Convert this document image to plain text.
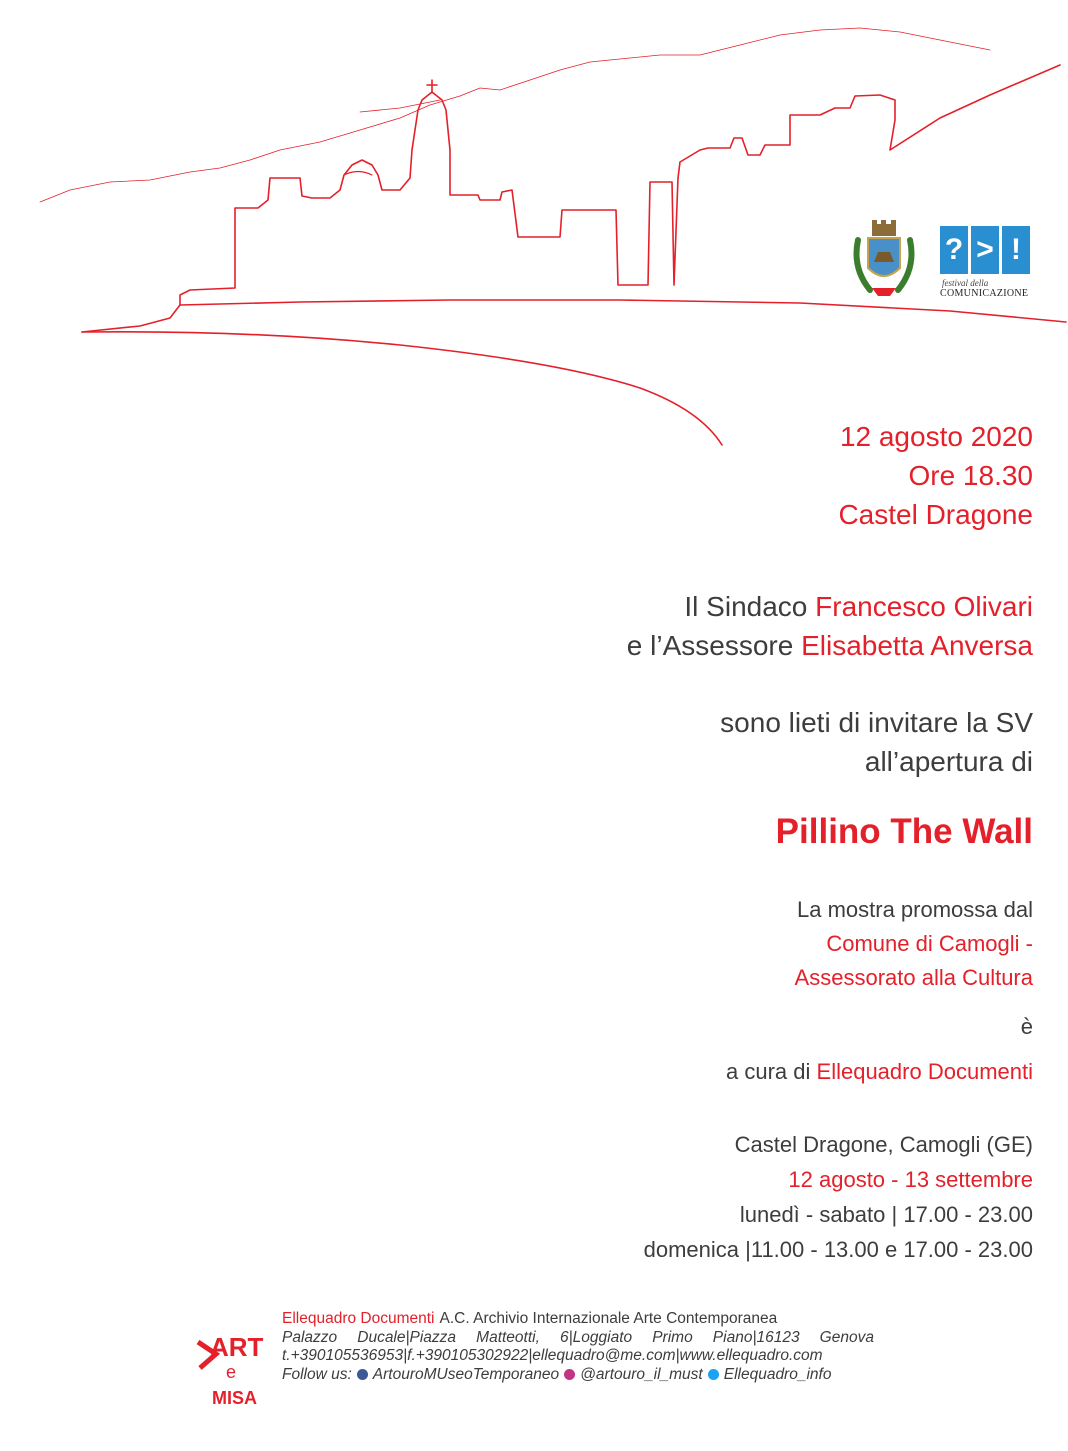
? > !
festival della
COMUNICAZIONE
12 agosto 2020
Ore 18.30
Castel Dragone
Il Sindaco Francesco Olivari
e l’Assessore Elisabetta Anversa
sono lieti di invitare la SV
all’apertura di
Pillino The Wall
La mostra promossa dal
Comune di Camogli -
Assessorato alla Cultura
è
a cura di Ellequadro Documenti
Castel Dragone, Camogli (GE)
12 agosto - 13 settembre
lunedì - sabato | 17.00 - 23.00
domenica |11.00 - 13.00 e 17.00 - 23.00
ART
e
MISA
Ellequadro Documenti A.C. Archivio Internazionale Arte Contemporanea
Palazzo Ducale|Piazza Matteotti, 6|Loggiato Primo Piano|16123 Genova
t.+390105536953|f.+390105302922|ellequadro@me.com|www.ellequadro.com
Follow us: ArtouroMUseoTemporaneo @artouro_il_must Ellequadro_info
